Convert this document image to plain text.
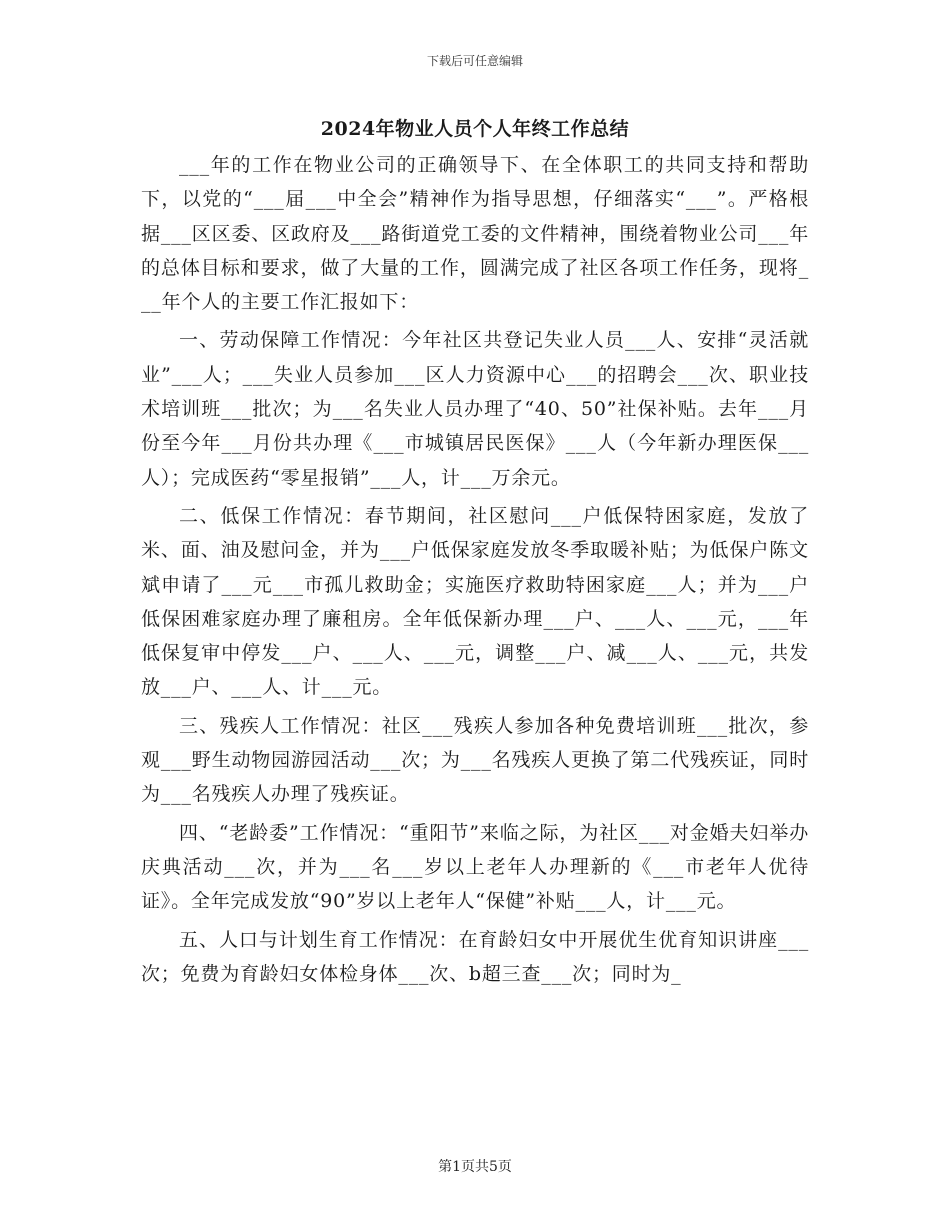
下载后可任意编辑
2024年物业人员个人年终工作总结

___年的工作在物业公司的正确领导下、在全体职工的共同支持和帮助下，以党的“___届___中全会”精神作为指导思想，仔细落实“___”。严格根据___区区委、区政府及___路街道党工委的文件精神，围绕着物业公司___年的总体目标和要求，做了大量的工作，圆满完成了社区各项工作任务，现将___年个人的主要工作汇报如下：

一、劳动保障工作情况：今年社区共登记失业人员___人、安排“灵活就业”___人；___失业人员参加___区人力资源中心___的招聘会___次、职业技术培训班___批次；为___名失业人员办理了“40、50”社保补贴。去年___月份至今年___月份共办理《___市城镇居民医保》___人（今年新办理医保___人）；完成医药“零星报销”___人，计___万余元。

二、低保工作情况：春节期间，社区慰问___户低保特困家庭，发放了米、面、油及慰问金，并为___户低保家庭发放冬季取暖补贴；为低保户陈文斌申请了___元___市孤儿救助金；实施医疗救助特困家庭___人；并为___户低保困难家庭办理了廉租房。全年低保新办理___户、___人、___元，___年低保复审中停发___户、___人、___元，调整___户、减___人、___元，共发放___户、___人、计___元。

三、残疾人工作情况：社区___残疾人参加各种免费培训班___批次，参观___野生动物园游园活动___次；为___名残疾人更换了第二代残疾证，同时为___名残疾人办理了残疾证。

四、“老龄委”工作情况：“重阳节”来临之际，为社区___对金婚夫妇举办庆典活动___次，并为___名___岁以上老年人办理新的《___市老年人优待证》。全年完成发放“90”岁以上老年人“保健”补贴___人，计___元。

五、人口与计划生育工作情况：在育龄妇女中开展优生优育知识讲座___次；免费为育龄妇女体检身体___次、b超三查___次；同时为_

第1页共5页
